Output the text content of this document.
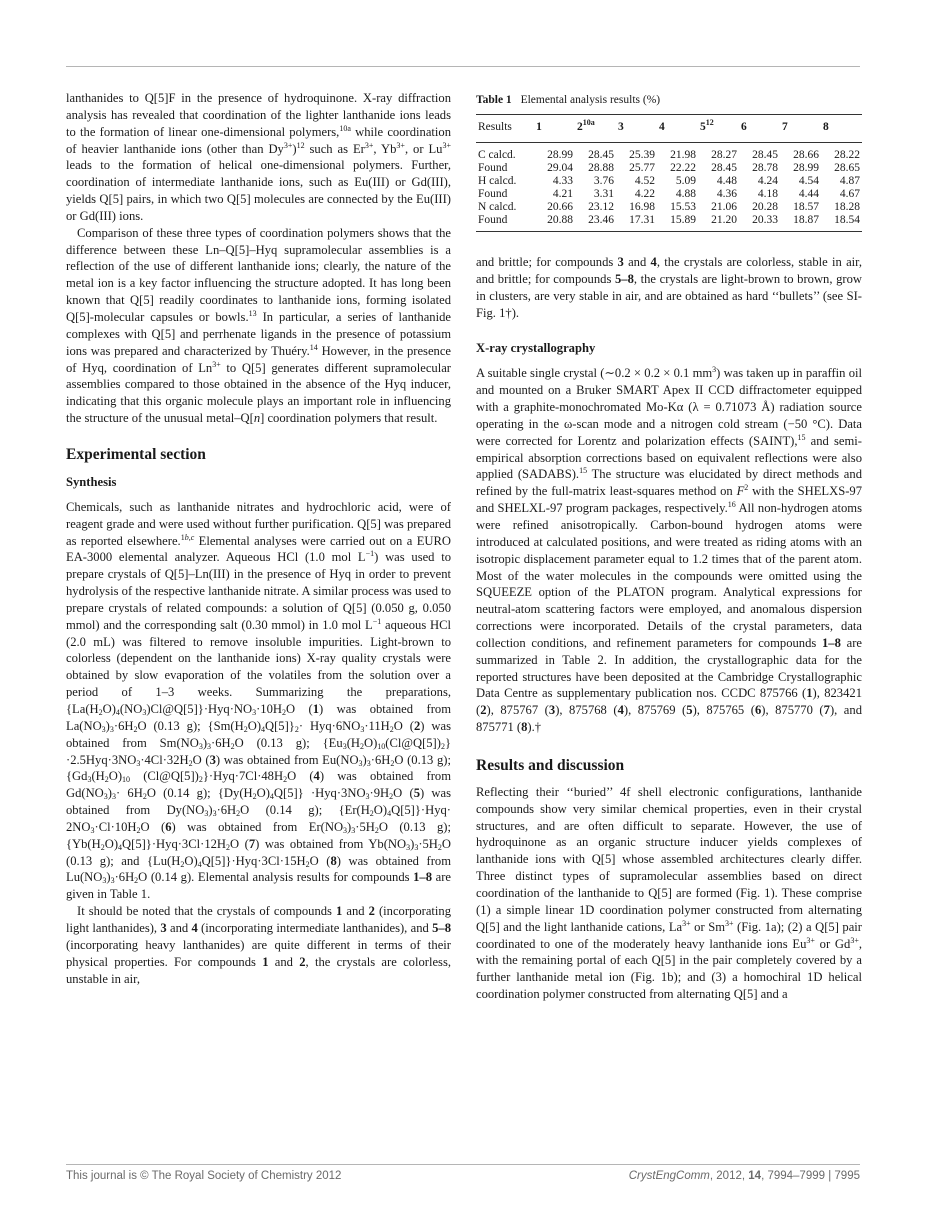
lanthanides to Q[5]F in the presence of hydroquinone. X-ray diffraction analysis has revealed that coordination of the lighter lanthanide ions leads to the formation of linear one-dimensional polymers,$^{10a}$ while coordination of heavier lanthanide ions (other than $Dy^{3+})^{12}$ such as $Er^{3+}$, $Yb^{3+}$, or $Lu^{3+}$ leads to the formation of helical one-dimensional polymers. Further, coordination of intermediate lanthanide ions, such as Eu(III) or Gd(III), yields Q[5] pairs, in which two Q[5] molecules are connected by the Eu(III) or Gd(III) ions.

Comparison of these three types of coordination polymers shows that the difference between these Ln–Q[5]–Hyq supramolecular assemblies is a reflection of the use of different lanthanide ions; clearly, the nature of the metal ion is a key factor influencing the structure adopted. It has long been known that Q[5] readily coordinates to lanthanide ions, forming isolated Q[5]-molecular capsules or bowls.$^{13}$ In particular, a series of lanthanide complexes with Q[5] and perrhenate ligands in the presence of potassium ions was prepared and characterized by Thuéry.$^{14}$ However, in the presence of Hyq, coordination of $Ln^{3+}$ to Q[5] generates different supramolecular assemblies compared to those obtained in the absence of the Hyq inducer, indicating that this organic molecule plays an important role in influencing the structure of the unusual metal–Q[n] coordination polymers that result.

Experimental section
Synthesis

Chemicals, such as lanthanide nitrates and hydrochloric acid, were of reagent grade and were used without further purification. Q[5] was prepared as reported elsewhere.$^{1b,c}$ Elemental analyses were carried out on a EURO EA-3000 elemental analyzer. Aqueous HCl (1.0 mol $L^{-1}$) was used to prepare crystals of Q[5]–Ln(III) in the presence of Hyq in order to prevent hydrolysis of the respective lanthanide nitrate. A similar process was used to prepare crystals of related compounds: a solution of Q[5] (0.050 g, 0.050 mmol) and the corresponding salt (0.30 mmol) in 1.0 mol $L^{-1}$ aqueous HCl (2.0 mL) was filtered to remove insoluble impurities. Light-brown to colorless (dependent on the lanthanide ions) X-ray quality crystals were obtained by slow evaporation of the volatiles from the solution over a period of 1–3 weeks. Summarizing the preparations, $\{La(H_2O)_4(NO_3)Cl@Q[5]\}\cdot Hyq\cdot NO_3\cdot 10H_2O$ (1) was obtained from $La(NO_3)_3\cdot 6H_2O$ (0.13 g); $\{Sm(H_2O)_4Q[5]\}_2\cdot Hyq\cdot 6NO_3\cdot 11H_2O$ (2) was obtained from $Sm(NO_3)_3\cdot 6H_2O$ (0.13 g); $\{Eu_3(H_2O)_{10}(Cl@Q[5])_2\}\cdot 2.5Hyq\cdot 3NO_3\cdot 4Cl\cdot 32H_2O$ (3) was obtained from $Eu(NO_3)_3\cdot 6H_2O$ (0.13 g); {$Gd_3(H_2O)_{10}$ $(Cl@Q[5])_2\}\cdot Hyq\cdot 7Cl\cdot 48H_2O$ (4) was obtained from $Gd(NO_3)_3\cdot 6H_2O$ (0.14 g); $\{Dy(H_2O)_4Q[5]\} \cdot Hyq\cdot 3NO_3\cdot 9H_2O$ (5) was obtained from $Dy(NO_3)_3\cdot 6H_2O$ (0.14 g); $\{Er(H_2O)_4Q[5]\}\cdot Hyq\cdot 2NO_3\cdot Cl\cdot 10H_2O$ (6) was obtained from $Er(NO_3)_3\cdot 5H_2O$ (0.13 g); $\{Yb(H_2O)_4Q[5]\}\cdot Hyq\cdot 3Cl\cdot 12H_2O$ (7) was obtained from $Yb(NO_3)_3\cdot 5H_2O$ (0.13 g); and $\{Lu(H_2O)_4Q[5]\}\cdot Hyq\cdot 3Cl\cdot 15H_2O$ (8) was obtained from $Lu(NO_3)_3\cdot 6H_2O$ (0.14 g). Elemental analysis results for compounds 1–8 are given in Table 1.

It should be noted that the crystals of compounds 1 and 2 (incorporating light lanthanides), 3 and 4 (incorporating intermediate lanthanides), and 5–8 (incorporating heavy lanthanides) are quite different in terms of their physical properties. For compounds 1 and 2, the crystals are colorless, unstable in air,

Table 1 Elemental analysis results (%)
Results	1	$2^{10a}$	3	4	$5^{12}$	6	7	8
C calcd.	28.99	28.45	25.39	21.98	28.27	28.45	28.66	28.22
Found	29.04	28.88	25.77	22.22	28.45	28.78	28.99	28.65
H calcd.	4.33	3.76	4.52	5.09	4.48	4.24	4.54	4.87
Found	4.21	3.31	4.22	4.88	4.36	4.18	4.44	4.67
N calcd.	20.66	23.12	16.98	15.53	21.06	20.28	18.57	18.28
Found	20.88	23.46	17.31	15.89	21.20	20.33	18.87	18.54

and brittle; for compounds 3 and 4, the crystals are colorless, stable in air, and brittle; for compounds 5–8, the crystals are light-brown to brown, grow in clusters, are very stable in air, and are obtained as hard ‘‘bullets’’ (see SI-Fig. 1†).

X-ray crystallography

A suitable single crystal (∼0.2 × 0.2 × 0.1 $mm^3$) was taken up in paraffin oil and mounted on a Bruker SMART Apex II CCD diffractometer equipped with a graphite-monochromated Mo-Kα (λ = 0.71073 Å) radiation source operating in the ω-scan mode and a nitrogen cold stream (−50 °C). Data were corrected for Lorentz and polarization effects (SAINT),$^{15}$ and semi-empirical absorption corrections based on equivalent reflections were also applied (SADABS).$^{15}$ The structure was elucidated by direct methods and refined by the full-matrix least-squares method on $F^2$ with the SHELXS-97 and SHELXL-97 program packages, respectively.$^{16}$ All non-hydrogen atoms were refined anisotropically. Carbon-bound hydrogen atoms were introduced at calculated positions, and were treated as riding atoms with an isotropic displacement parameter equal to 1.2 times that of the parent atom. Most of the water molecules in the compounds were omitted using the SQUEEZE option of the PLATON program. Analytical expressions for neutral-atom scattering factors were employed, and anomalous dispersion corrections were incorporated. Details of the crystal parameters, data collection conditions, and refinement parameters for compounds 1–8 are summarized in Table 2. In addition, the crystallographic data for the reported structures have been deposited at the Cambridge Crystallographic Data Centre as supplementary publication nos. CCDC 875766 (1), 823421 (2), 875767 (3), 875768 (4), 875769 (5), 875765 (6), 875770 (7), and 875771 (8).†

Results and discussion

Reflecting their ‘‘buried’’ 4f shell electronic configurations, lanthanide compounds show very similar chemical properties, even in their crystal structures, and are often difficult to separate. However, the use of hydroquinone as an organic structure inducer yields complexes of lanthanide ions with Q[5] whose assembled architectures clearly differ. Three distinct types of supramolecular assemblies based on direct coordination of the lanthanide to Q[5] are formed (Fig. 1). These comprise (1) a simple linear 1D coordination polymer constructed from alternating Q[5] and the light lanthanide cations, $La^{3+}$ or $Sm^{3+}$ (Fig. 1a); (2) a Q[5] pair coordinated to one of the moderately heavy lanthanide ions $Eu^{3+}$ or $Gd^{3+}$, with the remaining portal of each Q[5] in the pair completely covered by a further lanthanide metal ion (Fig. 1b); and (3) a homochiral 1D helical coordination polymer constructed from alternating Q[5] and a

This journal is © The Royal Society of Chemistry 2012	CrystEngComm, 2012, 14, 7994–7999 | 7995
